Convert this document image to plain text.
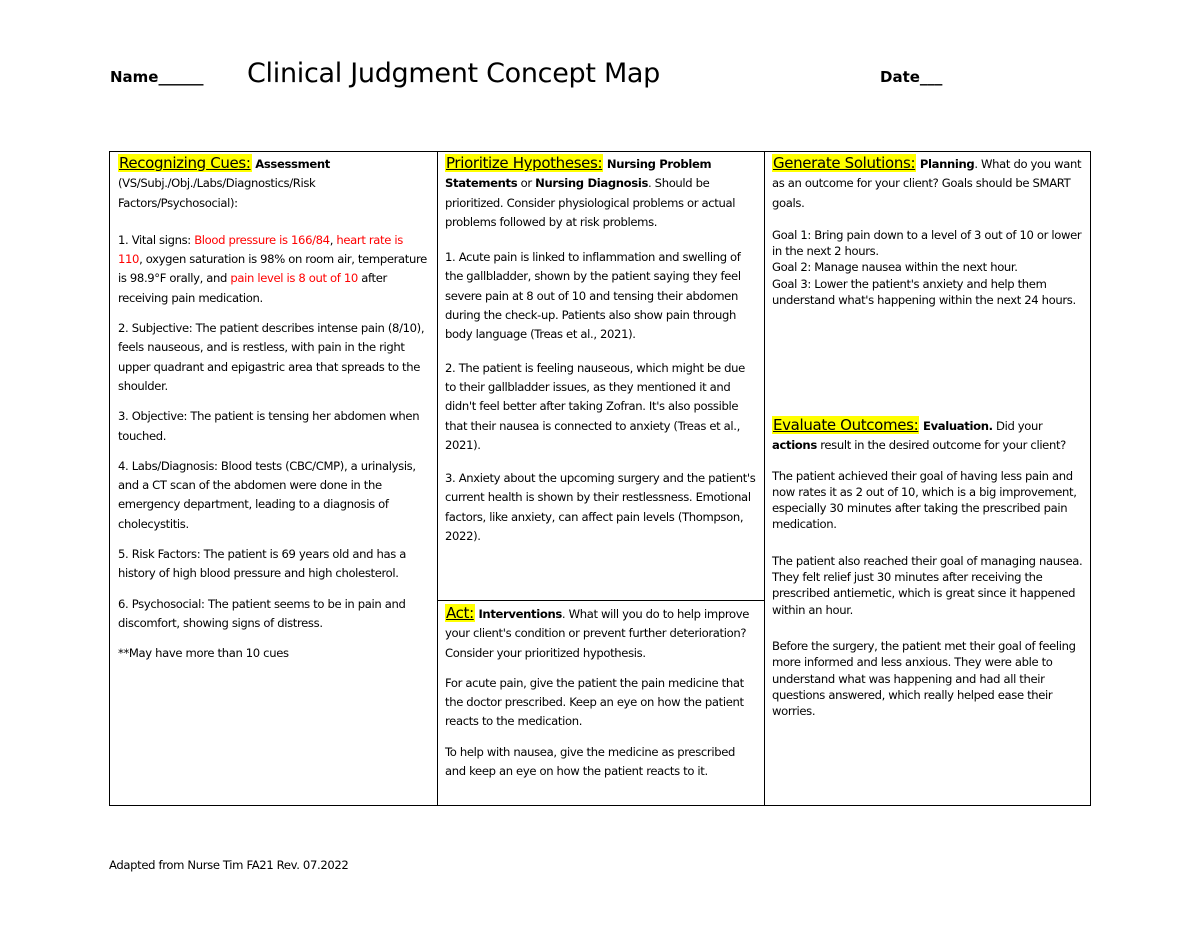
Name______ Clinical Judgment Concept Map	Date___

Recognizing Cues: Assessment

(VS/Subj./Obj./Labs/Diagnostics/Risk Factors/Psychosocial):

1. Vital signs: Blood pressure is 166/84, heart rate is 110, oxygen saturation is 98% on room air, temperature is 98.9°F orally, and pain level is 8 out of 10 after receiving pain medication.

2. Subjective: The patient describes intense pain (8/10), feels nauseous, and is restless, with pain in the right upper quadrant and epigastric area that spreads to the shoulder.

3. Objective: The patient is tensing her abdomen when touched.

4. Labs/Diagnosis: Blood tests (CBC/CMP), a urinalysis, and a CT scan of the abdomen were done in the emergency department, leading to a diagnosis of cholecystitis.

5. Risk Factors: The patient is 69 years old and has a history of high blood pressure and high cholesterol.

6. Psychosocial: The patient seems to be in pain and discomfort, showing signs of distress.

**May have more than 10 cues

Prioritize Hypotheses: Nursing Problem Statements or Nursing Diagnosis. Should be prioritized. Consider physiological problems or actual problems followed by at risk problems.

1. Acute pain is linked to inflammation and swelling of the gallbladder, shown by the patient saying they feel severe pain at 8 out of 10 and tensing their abdomen during the check-up. Patients also show pain through body language (Treas et al., 2021).

2. The patient is feeling nauseous, which might be due to their gallbladder issues, as they mentioned it and didn't feel better after taking Zofran. It's also possible that their nausea is connected to anxiety (Treas et al., 2021).

3. Anxiety about the upcoming surgery and the patient's current health is shown by their restlessness. Emotional factors, like anxiety, can affect pain levels (Thompson, 2022).

Act: Interventions. What will you do to help improve your client's condition or prevent further deterioration? Consider your prioritized hypothesis.

For acute pain, give the patient the pain medicine that the doctor prescribed. Keep an eye on how the patient reacts to the medication.

To help with nausea, give the medicine as prescribed and keep an eye on how the patient reacts to it.

Generate Solutions: Planning. What do you want as an outcome for your client? Goals should be SMART goals.

Goal 1: Bring pain down to a level of 3 out of 10 or lower in the next 2 hours.
Goal 2: Manage nausea within the next hour.
Goal 3: Lower the patient's anxiety and help them understand what's happening within the next 24 hours.

Evaluate Outcomes: Evaluation. Did your actions result in the desired outcome for your client?

The patient achieved their goal of having less pain and now rates it as 2 out of 10, which is a big improvement, especially 30 minutes after taking the prescribed pain medication.

The patient also reached their goal of managing nausea. They felt relief just 30 minutes after receiving the prescribed antiemetic, which is great since it happened within an hour.

Before the surgery, the patient met their goal of feeling more informed and less anxious. They were able to understand what was happening and had all their questions answered, which really helped ease their worries.

Adapted from Nurse Tim FA21 Rev. 07.2022
